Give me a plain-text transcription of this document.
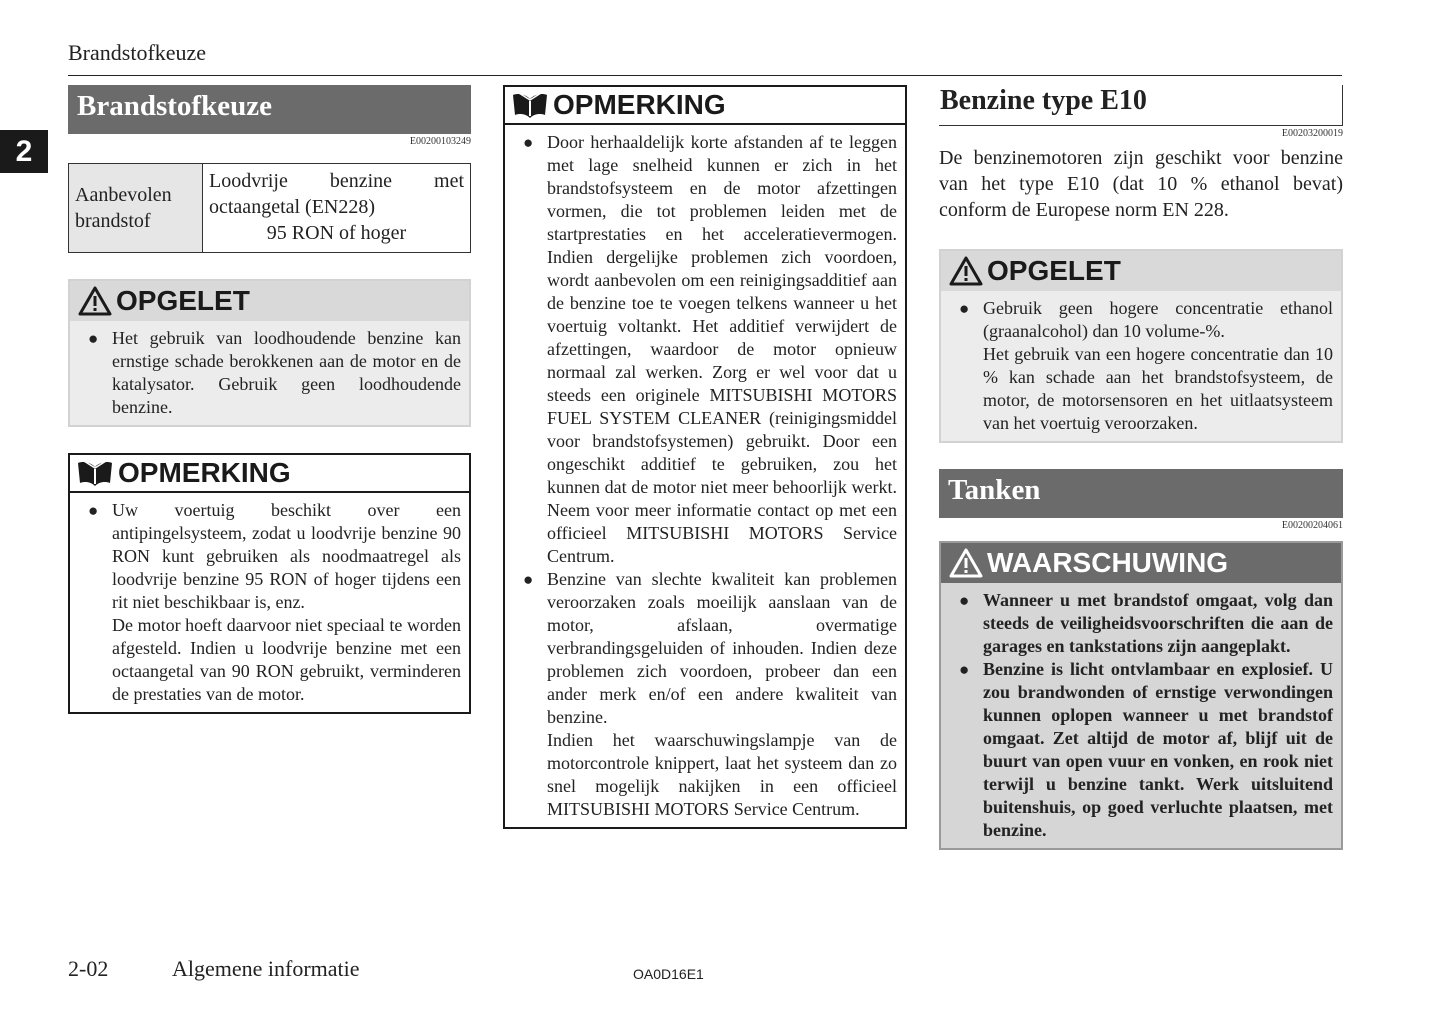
Brandstofkeuze
2
Brandstofkeuze
E00200103249
Aanbevolen brandstof
Loodvrije benzine met octaangetal (EN228)
95 RON of hoger
OPGELET
● Het gebruik van loodhoudende benzine kan ernstige schade berokkenen aan de motor en de katalysator. Gebruik geen loodhoudende benzine.
OPMERKING
● Uw voertuig beschikt over een antipingelsysteem, zodat u loodvrije benzine 90 RON kunt gebruiken als noodmaatregel als loodvrije benzine 95 RON of hoger tijdens een rit niet beschikbaar is, enz.

De motor hoeft daarvoor niet speciaal te worden afgesteld. Indien u loodvrije benzine met een octaangetal van 90 RON gebruikt, verminderen de prestaties van de motor.

OPMERKING
● Door herhaaldelijk korte afstanden af te leggen met lage snelheid kunnen er zich in het brandstofsysteem en de motor afzettingen vormen, die tot problemen leiden met de startprestaties en het acceleratievermogen. Indien dergelijke problemen zich voordoen, wordt aanbevolen om een reinigingsadditief aan de benzine toe te voegen telkens wanneer u het voertuig voltankt. Het additief verwijdert de afzettingen, waardoor de motor opnieuw normaal zal werken. Zorg er wel voor dat u steeds een originele MITSUBISHI MOTORS FUEL SYSTEM CLEANER (reinigingsmiddel voor brandstofsystemen) gebruikt. Door een ongeschikt additief te gebruiken, zou het kunnen dat de motor niet meer behoorlijk werkt. Neem voor meer informatie contact op met een officieel MITSUBISHI MOTORS Service Centrum.
● Benzine van slechte kwaliteit kan problemen veroorzaken zoals moeilijk aanslaan van de motor, afslaan, overmatige verbrandingsgeluiden of inhouden. Indien deze problemen zich voordoen, probeer dan een ander merk en/of een andere kwaliteit van benzine.

Indien het waarschuwingslampje van de motorcontrole knippert, laat het systeem dan zo snel mogelijk nakijken in een officieel MITSUBISHI MOTORS Service Centrum.

Benzine type E10
E00203200019
De benzinemotoren zijn geschikt voor benzine van het type E10 (dat 10 % ethanol bevat) conform de Europese norm EN 228.
OPGELET
● Gebruik geen hogere concentratie ethanol (graanalcohol) dan 10 volume-%.

Het gebruik van een hogere concentratie dan 10 % kan schade aan het brandstofsysteem, de motor, de motorsensoren en het uitlaatsysteem van het voertuig veroorzaken.

Tanken
E00200204061
WAARSCHUWING
● Wanneer u met brandstof omgaat, volg dan steeds de veiligheidsvoorschriften die aan de garages en tankstations zijn aangeplakt.
● Benzine is licht ontvlambaar en explosief. U zou brandwonden of ernstige verwondingen kunnen oplopen wanneer u met brandstof omgaat. Zet altijd de motor af, blijf uit de buurt van open vuur en vonken, en rook niet terwijl u benzine tankt. Werk uitsluitend buitenshuis, op goed verluchte plaatsen, met benzine.
2-02	Algemene informatie	OA0D16E1
